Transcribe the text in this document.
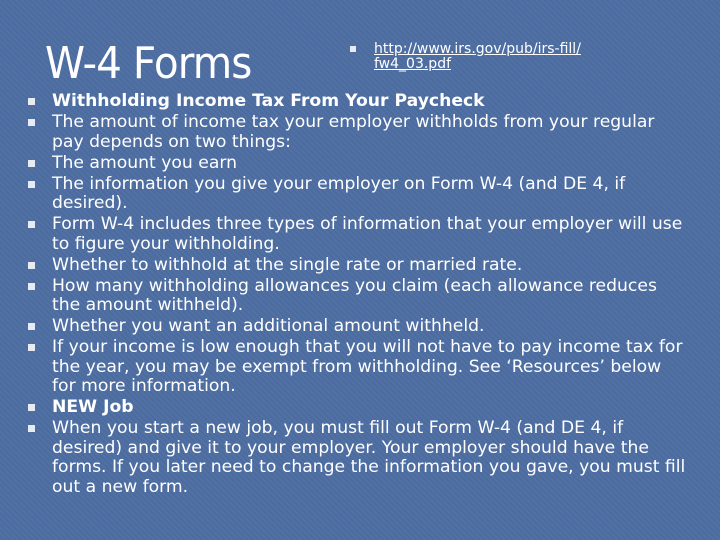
W-4 Forms	http://www.irs.gov/pub/irs-fill/fw4_03.pdf
Withholding Income Tax From Your Paycheck
The amount of income tax your employer withholds from your regular pay depends on two things:
The amount you earn
The information you give your employer on Form W-4 (and DE 4, if desired).
Form W-4 includes three types of information that your employer will use to figure your withholding.
Whether to withhold at the single rate or married rate.
How many withholding allowances you claim (each allowance reduces the amount withheld).
Whether you want an additional amount withheld.
If your income is low enough that you will not have to pay income tax for the year, you may be exempt from withholding. See ‘Resources’ below for more information.
NEW Job
When you start a new job, you must fill out Form W-4 (and DE 4, if desired) and give it to your employer. Your employer should have the forms. If you later need to change the information you gave, you must fill out a new form.
